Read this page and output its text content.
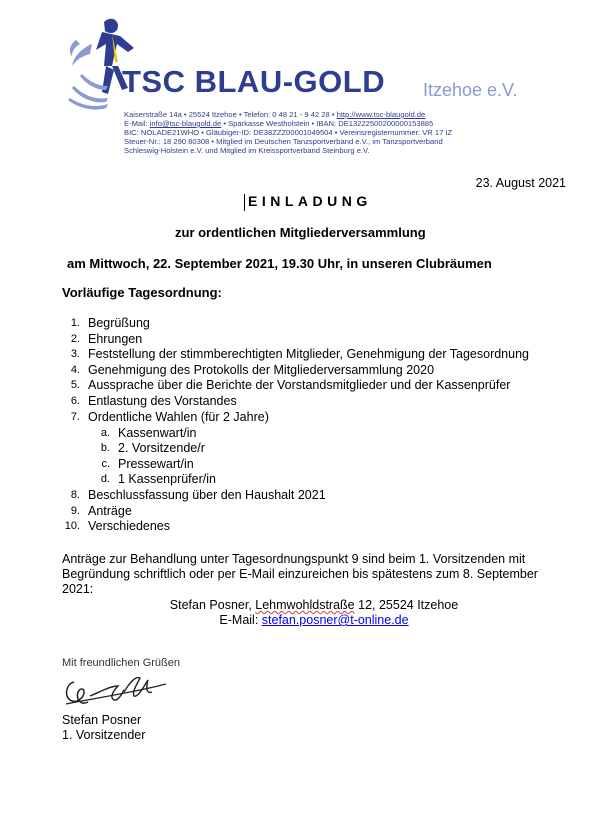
TSC BLAU-GOLD Itzehoe e.V.
Kaiserstraße 14a • 25524 Itzehoe • Telefon: 0 48 21 - 9 42 28 • http://www.tsc-blaugold.de
E-Mail: info@tsc-blaugold.de • Sparkasse Westholstein • IBAN: DE13222500200000153885
BIC: NOLADE21WHO • Gläubiger-ID: DE38ZZZ00001049504 • Vereinsregisternummer: VR 17 IZ
Steuer-Nr.: 18 290 80308 • Mitglied im Deutschen Tanzsportverband e.V., im Tanzsportverband
Schleswig-Holstein e.V. und Mitglied im Kreissportverband Steinburg e.V.
23. August 2021
EINLADUNG
zur ordentlichen Mitgliederversammlung
am Mittwoch, 22. September 2021, 19.30 Uhr, in unseren Clubräumen
Vorläufige Tagesordnung:
1. Begrüßung
2. Ehrungen
3. Feststellung der stimmberechtigten Mitglieder, Genehmigung der Tagesordnung
4. Genehmigung des Protokolls der Mitgliederversammlung 2020
5. Aussprache über die Berichte der Vorstandsmitglieder und der Kassenprüfer
6. Entlastung des Vorstandes
7. Ordentliche Wahlen (für 2 Jahre)
a. Kassenwart/in
b. 2. Vorsitzende/r
c. Pressewart/in
d. 1 Kassenprüfer/in
8. Beschlussfassung über den Haushalt 2021
9. Anträge
10. Verschiedenes
Anträge zur Behandlung unter Tagesordnungspunkt 9 sind beim 1. Vorsitzenden mit Begründung schriftlich oder per E-Mail einzureichen bis spätestens zum 8. September 2021:
Stefan Posner, Lehmwohldstraße 12, 25524 Itzehoe
E-Mail: stefan.posner@t-online.de
Mit freundlichen Grüßen
Stefan Posner
1. Vorsitzender
